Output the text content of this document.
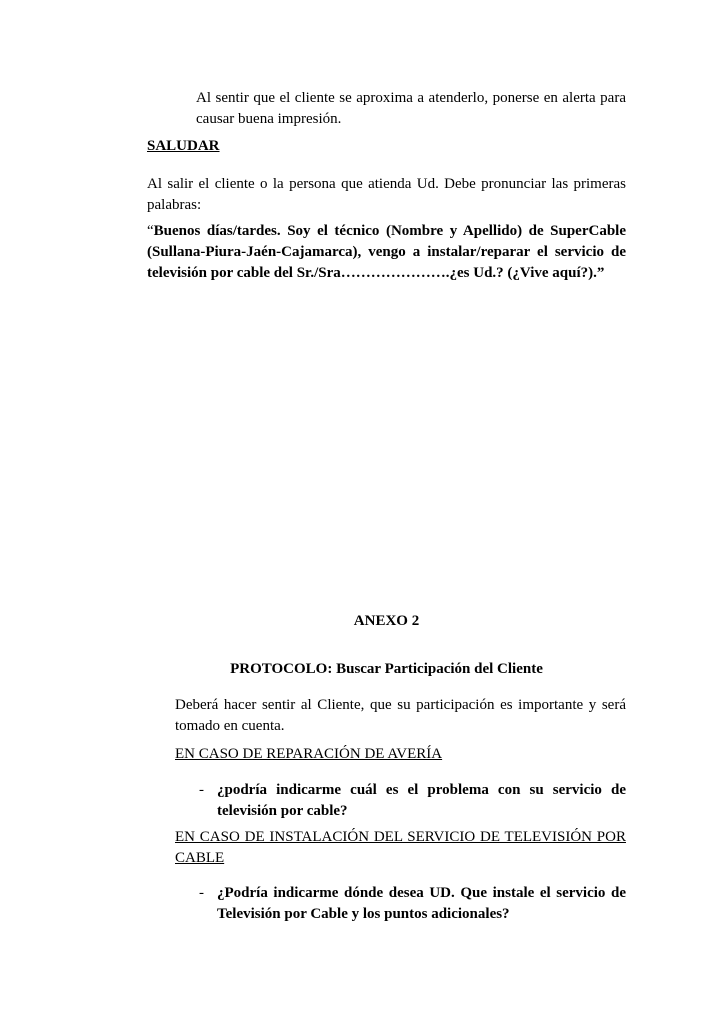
Al sentir que el cliente se aproxima a atenderlo, ponerse en alerta para causar buena impresión.

SALUDAR

Al salir el cliente o la persona que atienda Ud. Debe pronunciar las primeras palabras:

“Buenos días/tardes. Soy el técnico (Nombre y Apellido) de SuperCable (Sullana-Piura-Jaén-Cajamarca), vengo a instalar/reparar el servicio de televisión por cable del Sr./Sra………………….¿es Ud.? (¿Vive aquí?).”

ANEXO 2

PROTOCOLO: Buscar Participación del Cliente

Deberá hacer sentir al Cliente, que su participación es importante y será tomado en cuenta.

EN CASO DE REPARACIÓN DE AVERÍA

- ¿podría indicarme cuál es el problema con su servicio de televisión por cable?

EN CASO DE INSTALACIÓN DEL SERVICIO DE TELEVISIÓN POR CABLE

- ¿Podría indicarme dónde desea UD. Que instale el servicio de Televisión por Cable y los puntos adicionales?
